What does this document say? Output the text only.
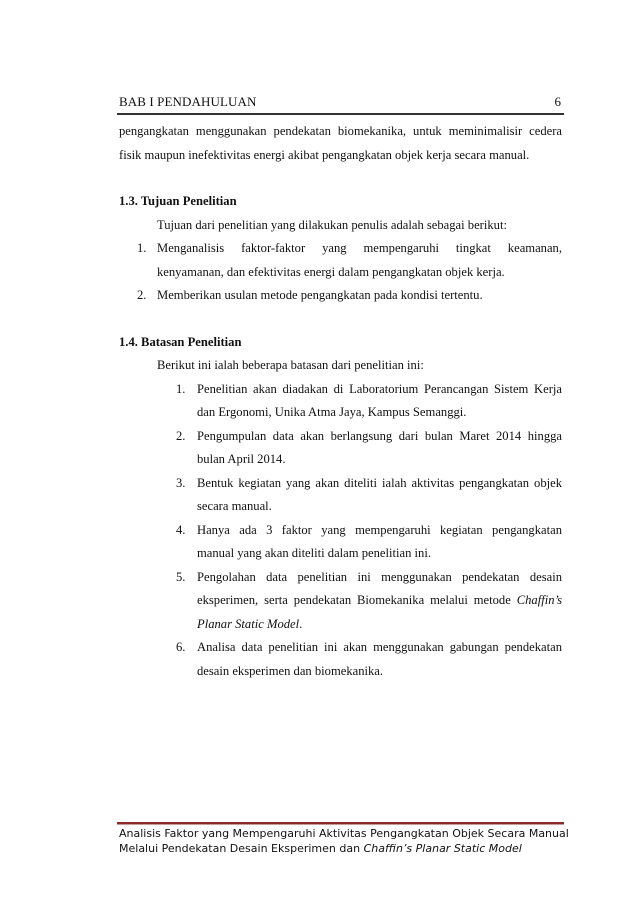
BAB I PENDAHULUAN	6

pengangkatan menggunakan pendekatan biomekanika, untuk meminimalisir cedera
fisik maupun inefektivitas energi akibat pengangkatan objek kerja secara manual.

1.3. Tujuan Penelitian

Tujuan dari penelitian yang dilakukan penulis adalah sebagai berikut:

1. Menganalisis faktor-faktor yang mempengaruhi tingkat keamanan,
kenyamanan, dan efektivitas energi dalam pengangkatan objek kerja.
2. Memberikan usulan metode pengangkatan pada kondisi tertentu.

1.4. Batasan Penelitian

Berikut ini ialah beberapa batasan dari penelitian ini:

1. Penelitian akan diadakan di Laboratorium Perancangan Sistem Kerja
dan Ergonomi, Unika Atma Jaya, Kampus Semanggi.
2. Pengumpulan data akan berlangsung dari bulan Maret 2014 hingga
bulan April 2014.
3. Bentuk kegiatan yang akan diteliti ialah aktivitas pengangkatan objek
secara manual.
4. Hanya ada 3 faktor yang mempengaruhi kegiatan pengangkatan
manual yang akan diteliti dalam penelitian ini.
5. Pengolahan data penelitian ini menggunakan pendekatan desain
eksperimen, serta pendekatan Biomekanika melalui metode Chaffin’s
Planar Static Model.
6. Analisa data penelitian ini akan menggunakan gabungan pendekatan
desain eksperimen dan biomekanika.
Analisis Faktor yang Mempengaruhi Aktivitas Pengangkatan Objek Secara Manual
Melalui Pendekatan Desain Eksperimen dan Chaffin’s Planar Static Model
